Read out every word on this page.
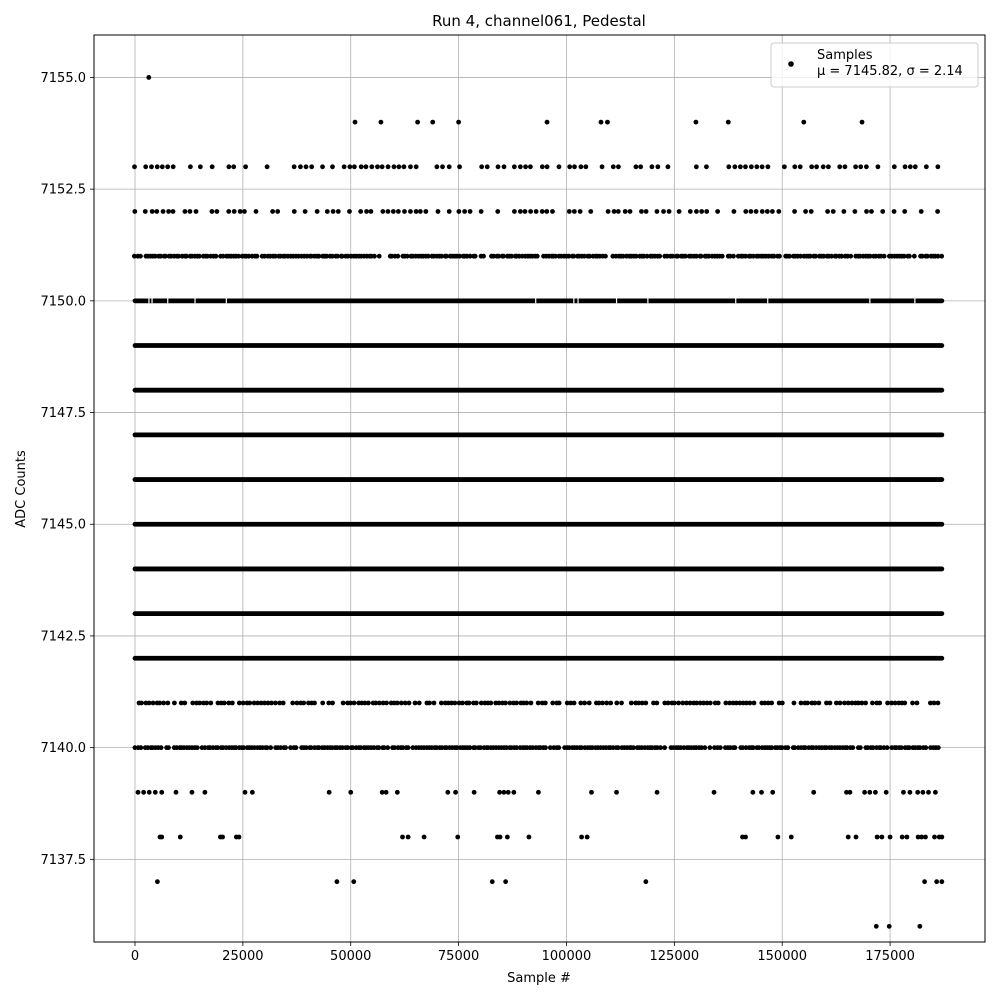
Run 4, channel061, Pedestal
0	25000	50000	75000	100000	125000	150000	175000
7137.5
7140.0
7142.5
7145.0
7147.5
7150.0
7152.5
7155.0
Sample #
ADC Counts
Samples
μ = 7145.82, σ = 2.14
